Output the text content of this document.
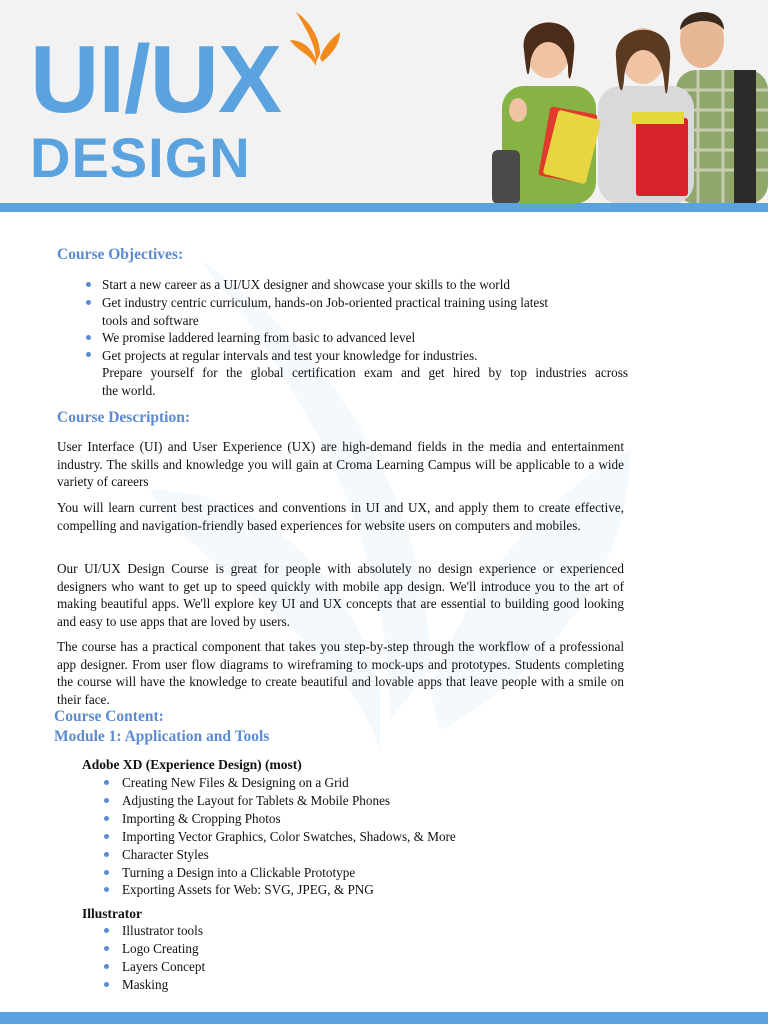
UI/UX
DESIGN
Course Objectives:
Start a new career as a UI/UX designer and showcase your skills to the world
Get industry centric curriculum, hands-on Job-oriented practical training using latest
tools and software
We promise laddered learning from basic to advanced level
Get projects at regular intervals and test your knowledge for industries.
Prepare yourself for the global certification exam and get hired by top industries across
the world.
Course Description:
User Interface (UI) and User Experience (UX) are high-demand fields in the media and entertainment industry. The skills and knowledge you will gain at Croma Learning Campus will be applicable to a wide variety of careers
You will learn current best practices and conventions in UI and UX, and apply them to create effective, compelling and navigation-friendly based experiences for website users on computers and mobiles.
Our UI/UX Design Course is great for people with absolutely no design experience or experienced designers who want to get up to speed quickly with mobile app design. We'll introduce you to the art of making beautiful apps. We'll explore key UI and UX concepts that are essential to building good looking and easy to use apps that are loved by users.
The course has a practical component that takes you step-by-step through the workflow of a professional app designer. From user flow diagrams to wireframing to mock-ups and prototypes. Students completing the course will have the knowledge to create beautiful and lovable apps that leave people with a smile on their face.
Course Content:
Module 1: Application and Tools
Adobe XD (Experience Design) (most)
Creating New Files & Designing on a Grid
Adjusting the Layout for Tablets & Mobile Phones
Importing & Cropping Photos
Importing Vector Graphics, Color Swatches, Shadows, & More
Character Styles
Turning a Design into a Clickable Prototype
Exporting Assets for Web: SVG, JPEG, & PNG
Illustrator
Illustrator tools
Logo Creating
Layers Concept
Masking
